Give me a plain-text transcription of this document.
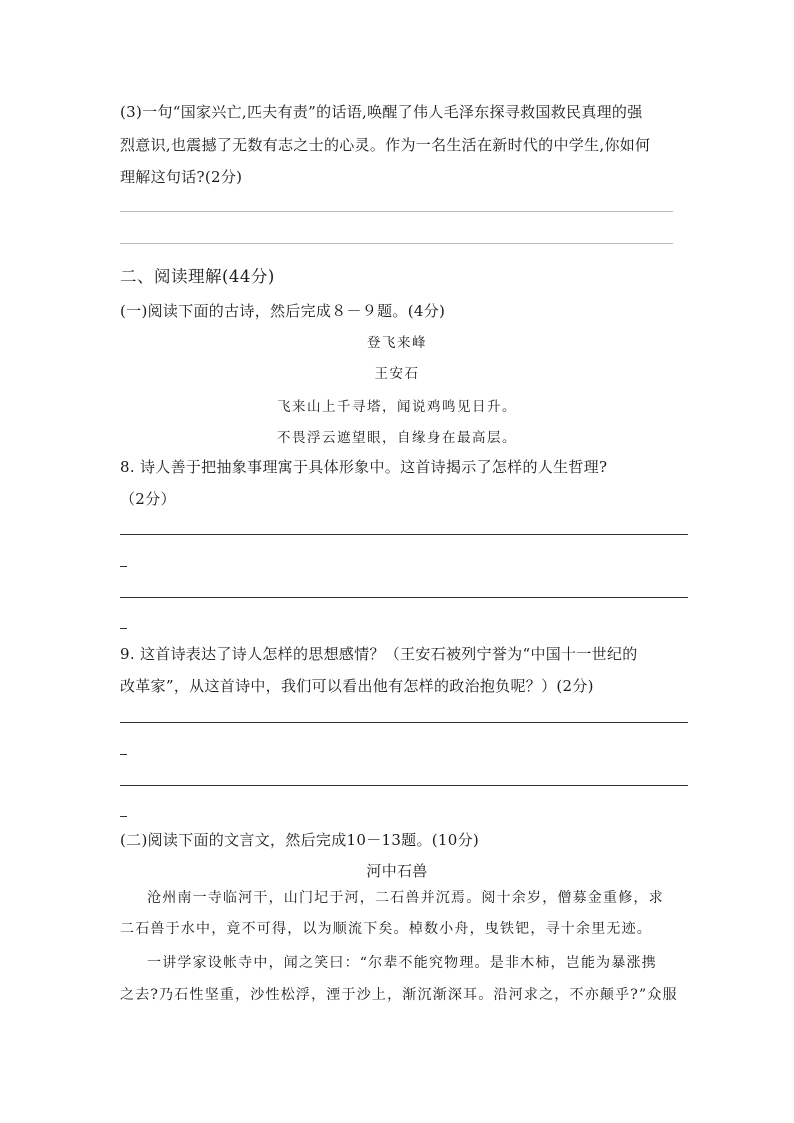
(3)一句“国家兴亡,匹夫有责”的话语,唤醒了伟人毛泽东探寻救国救民真理的强
烈意识,也震撼了无数有志之士的心灵。作为一名生活在新时代的中学生,你如何
理解这句话?(2分)
二、阅读理解(44分)
(一)阅读下面的古诗，然后完成８－９题。(4分)
登飞来峰
王安石
飞来山上千寻塔，闻说鸡鸣见日升。
不畏浮云遮望眼，自缘身在最高层。
8. 诗人善于把抽象事理寓于具体形象中。这首诗揭示了怎样的人生哲理?
（2分）
9. 这首诗表达了诗人怎样的思想感情？（王安石被列宁誉为“中国十一世纪的
改革家”，从这首诗中，我们可以看出他有怎样的政治抱负呢？）(2分)
(二)阅读下面的文言文，然后完成10－13题。(10分)
河中石兽
沧州南一寺临河干，山门圮于河，二石兽并沉焉。阅十余岁，僧募金重修，求
二石兽于水中，竟不可得，以为顺流下矣。棹数小舟，曳铁钯，寻十余里无迹。
一讲学家设帐寺中，闻之笑曰：“尔辈不能究物理。是非木柿，岂能为暴涨携
之去?乃石性坚重，沙性松浮，湮于沙上，渐沉渐深耳。沿河求之，不亦颠乎?”众服
